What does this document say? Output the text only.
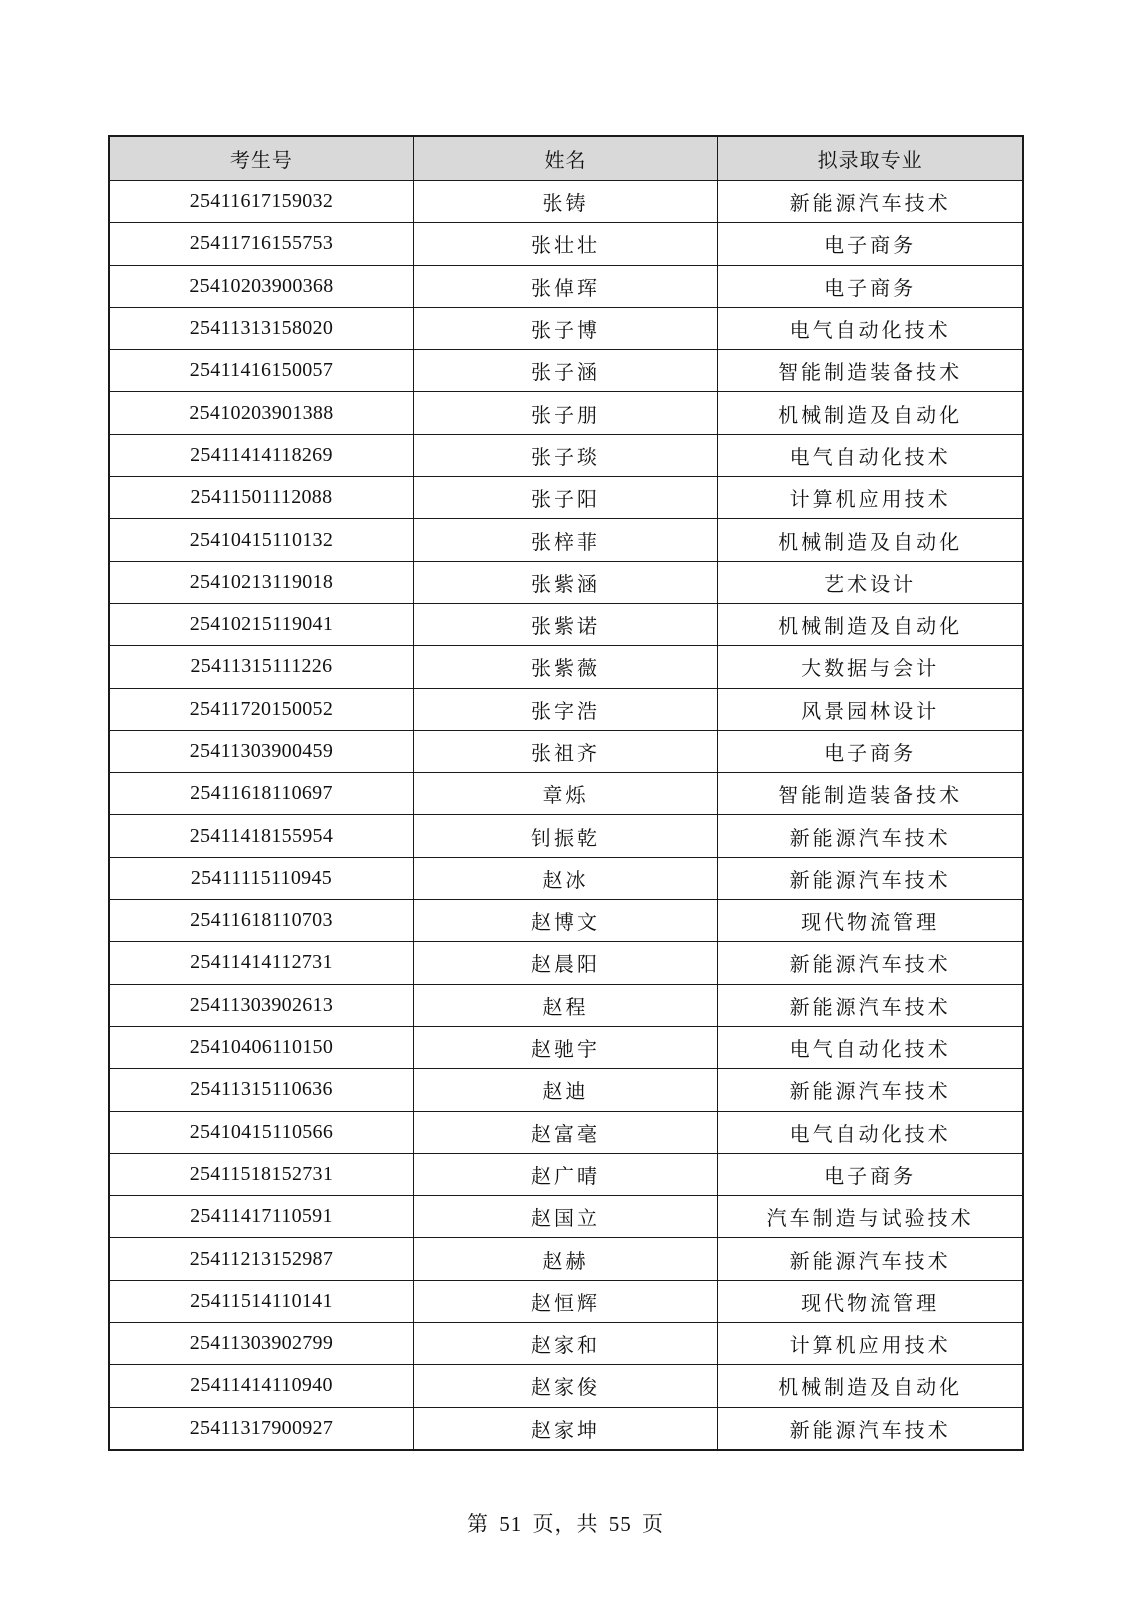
考生号	姓名	拟录取专业
25411617159032	张铸	新能源汽车技术
25411716155753	张壮壮	电子商务
25410203900368	张倬珲	电子商务
25411313158020	张子博	电气自动化技术
25411416150057	张子涵	智能制造装备技术
25410203901388	张子朋	机械制造及自动化
25411414118269	张子琰	电气自动化技术
25411501112088	张子阳	计算机应用技术
25410415110132	张梓菲	机械制造及自动化
25410213119018	张紫涵	艺术设计
25410215119041	张紫诺	机械制造及自动化
25411315111226	张紫薇	大数据与会计
25411720150052	张字浩	风景园林设计
25411303900459	张祖齐	电子商务
25411618110697	章烁	智能制造装备技术
25411418155954	钊振乾	新能源汽车技术
25411115110945	赵冰	新能源汽车技术
25411618110703	赵博文	现代物流管理
25411414112731	赵晨阳	新能源汽车技术
25411303902613	赵程	新能源汽车技术
25410406110150	赵驰宇	电气自动化技术
25411315110636	赵迪	新能源汽车技术
25410415110566	赵富毫	电气自动化技术
25411518152731	赵广晴	电子商务
25411417110591	赵国立	汽车制造与试验技术
25411213152987	赵赫	新能源汽车技术
25411514110141	赵恒辉	现代物流管理
25411303902799	赵家和	计算机应用技术
25411414110940	赵家俊	机械制造及自动化
25411317900927	赵家坤	新能源汽车技术
第 51 页，共 55 页
